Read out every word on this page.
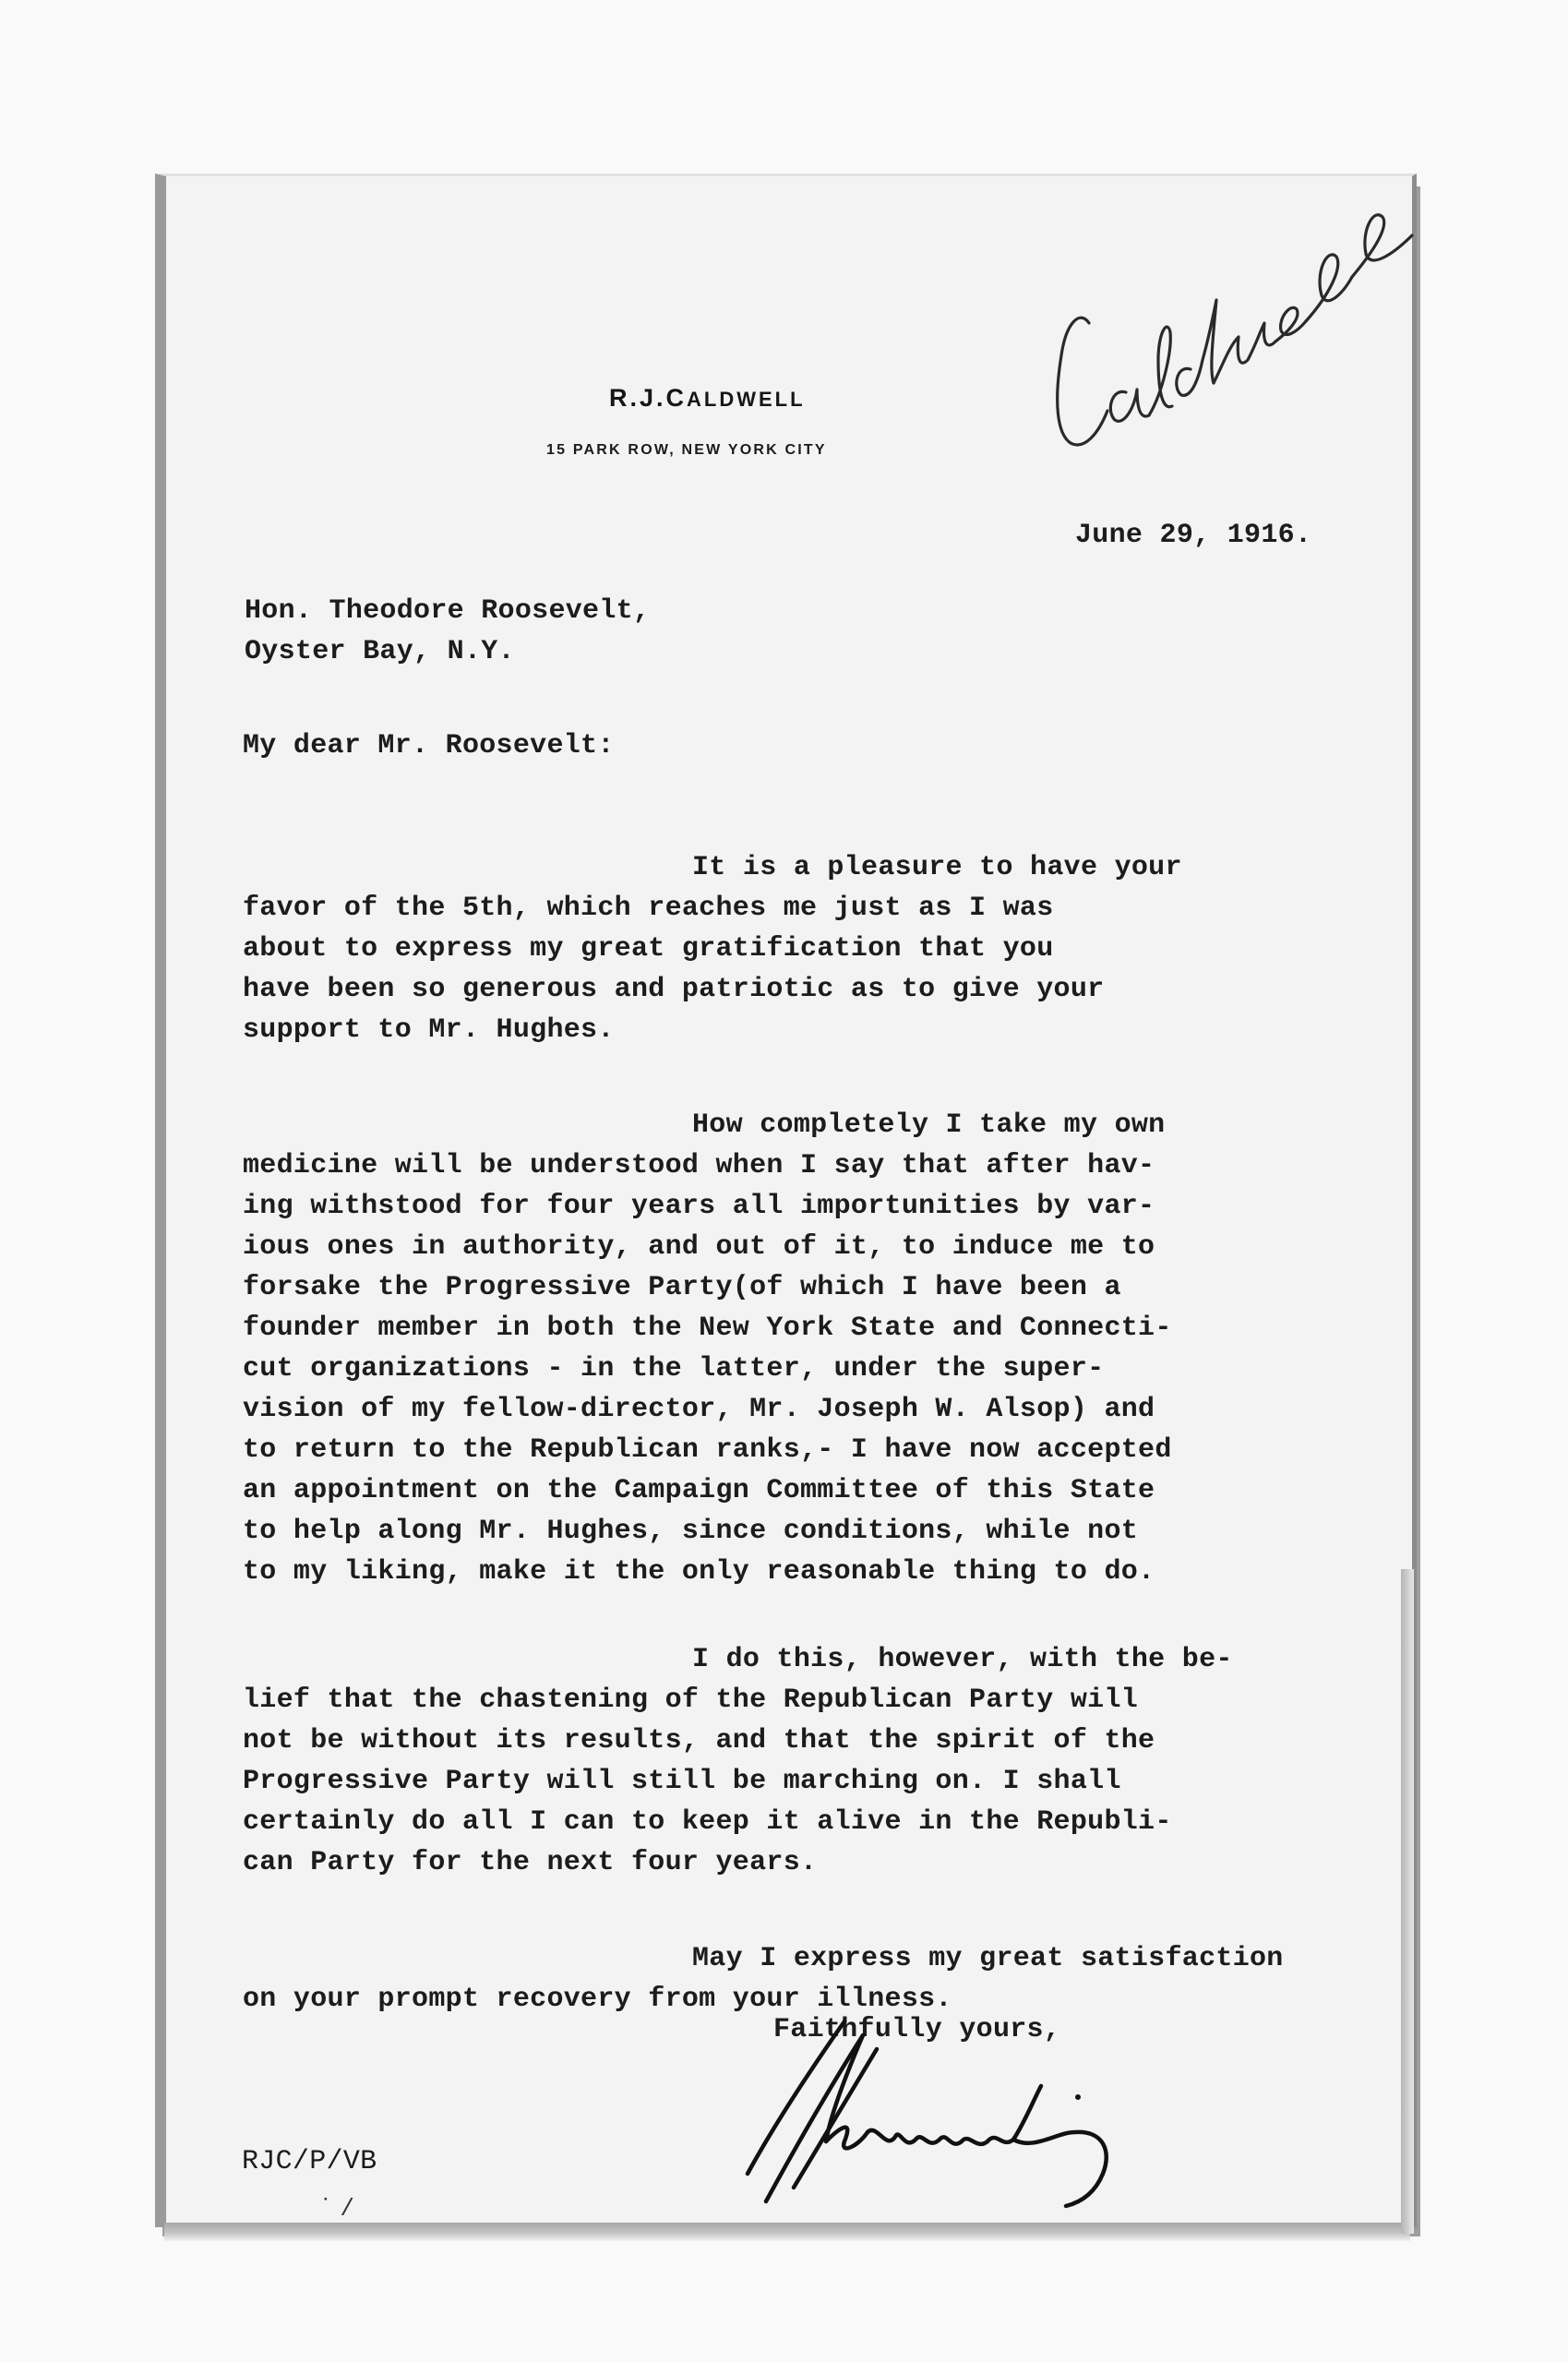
R.J.CALDWELL
15 PARK ROW, NEW YORK CITY
June 29, 1916.
Hon. Theodore Roosevelt,
Oyster Bay, N.Y.
My dear Mr. Roosevelt:

It is a pleasure to have your
favor of the 5th, which reaches me just as I was
about to express my great gratification that you
have been so generous and patriotic as to give your
support to Mr. Hughes.

How completely I take my own
medicine will be understood when I say that after hav-
ing withstood for four years all importunities by var-
ious ones in authority, and out of it, to induce me to
forsake the Progressive Party(of which I have been a
founder member in both the New York State and Connecti-
cut organizations - in the latter, under the super-
vision of my fellow-director, Mr. Joseph W. Alsop) and
to return to the Republican ranks,- I have now accepted
an appointment on the Campaign Committee of this State
to help along Mr. Hughes, since conditions, while not
to my liking, make it the only reasonable thing to do.

I do this, however, with the be-
lief that the chastening of the Republican Party will
not be without its results, and that the spirit of the
Progressive Party will still be marching on. I shall
certainly do all I can to keep it alive in the Republi-
can Party for the next four years.

May I express my great satisfaction
on your prompt recovery from your illness.

Faithfully yours,
RJC/P/VB
˙ /
